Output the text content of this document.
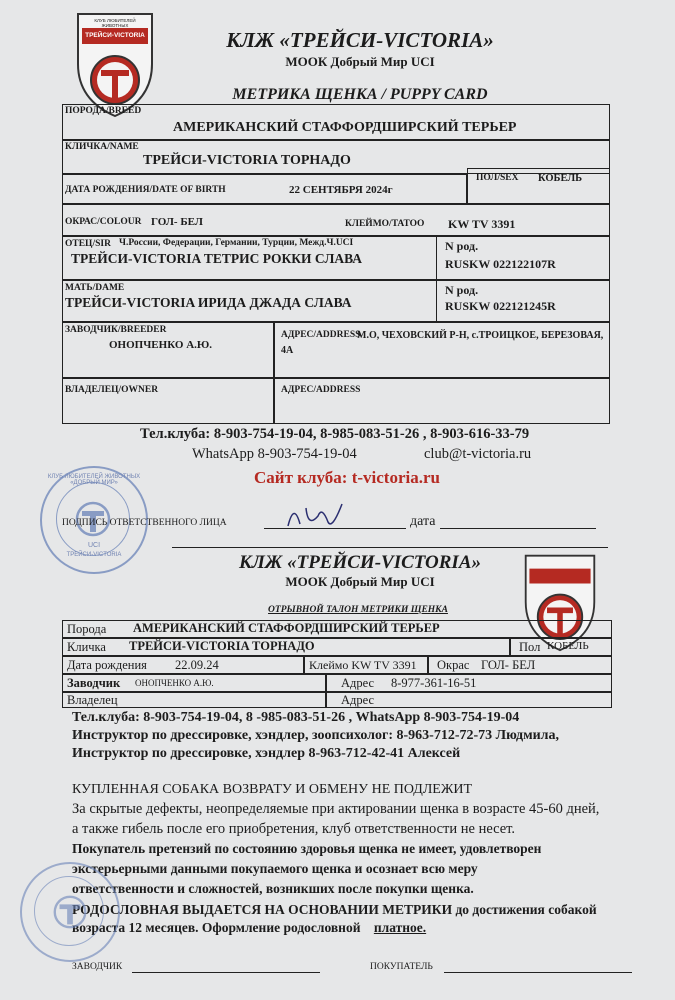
КЛУБ ЛЮБИТЕЛЕЙ ЖИВОТНЫХ
ТРЕЙСИ-VICTORIA	КЛЖ «ТРЕЙСИ-VICTORIA»
МООК Добрый Мир UCI
МЕТРИКА ЩЕНКА / PUPPY CARD
ПОРОДА/BREED
АМЕРИКАНСКИЙ СТАФФОРДШИРСКИЙ ТЕРЬЕР
КЛИЧКА/NAME
ТРЕЙСИ-VICTORIA ТОРНАДО
ДАТА РОЖДЕНИЯ/DATE OF BIRTH	22 СЕНТЯБРЯ 2024г
ПОЛ/SEX КОБЕЛЬ
ОКРАС/COLOUR ГОЛ- БЕЛ	КЛЕЙМО/TATOO KW TV 3391
ОТЕЦ/SIR Ч.России, Федерации, Германии, Турции, Межд.Ч.UCI
ТРЕЙСИ-VICTORIA ТЕТРИС РОККИ СЛАВА
N род.
RUSKW 022122107R
МАТЬ/DAME
ТРЕЙСИ-VICTORIA ИРИДА ДЖАДА СЛАВА
N род.
RUSKW 022121245R
ЗАВОДЧИК/BREEDER
ОНОПЧЕНКО А.Ю.
АДРЕС/ADDRESS
М.О, ЧЕХОВСКИЙ Р-Н, с.ТРОИЦКОЕ, БЕРЕЗОВАЯ, 4А
ВЛАДЕЛЕЦ/OWNER	АДРЕС/ADDRESS
Тел.клуба: 8-903-754-19-04, 8-985-083-51-26 , 8-903-616-33-79
WhatsApp 8-903-754-19-04	club@t-victoria.ru
Сайт клуба: t-victoria.ru
КЛУБ ЛЮБИТЕЛЕЙ ЖИВОТНЫХ «ДОБРЫЙ МИР»
ТРЕЙСИ-VICTORIA
UCI
ПОДПИСЬ ОТВЕТСТВЕННОГО ЛИЦА	дата
КЛЖ «ТРЕЙСИ-VICTORIA»
МООК Добрый Мир UCI
ОТРЫВНОЙ ТАЛОН МЕТРИКИ ЩЕНКА
Порода АМЕРИКАНСКИЙ СТАФФОРДШИРСКИЙ ТЕРЬЕР
Кличка ТРЕЙСИ-VICTORIA ТОРНАДО	Пол КОБЕЛЬ
Дата рождения 22.09.24	Клеймо KW TV 3391 Окрас ГОЛ- БЕЛ
Заводчик ОНОПЧЕНКО А.Ю.	Адрес 8-977-361-16-51
Владелец	Адрес
Тел.клуба: 8-903-754-19-04, 8 -985-083-51-26 , WhatsApp 8-903-754-19-04
Инструктор по дрессировке, хэндлер, зоопсихолог: 8-963-712-72-73 Людмила,
Инструктор по дрессировке, хэндлер 8-963-712-42-41 Алексей
КУПЛЕННАЯ СОБАКА ВОЗВРАТУ И ОБМЕНУ НЕ ПОДЛЕЖИТ
За скрытые дефекты, неопределяемые при актировании щенка в возрасте 45-60 дней,
а также гибель после его приобретения, клуб ответственности не несет.
Покупатель претензий по состоянию здоровья щенка не имеет, удовлетворен
экстерьерными данными покупаемого щенка и осознает всю меру
ответственности и сложностей, возникших после покупки щенка.
РОДОСЛОВНАЯ ВЫДАЕТСЯ НА ОСНОВАНИИ МЕТРИКИ до достижения собакой
возраста 12 месяцев. Оформление родословной платное.
ЗАВОДЧИК	ПОКУПАТЕЛЬ
